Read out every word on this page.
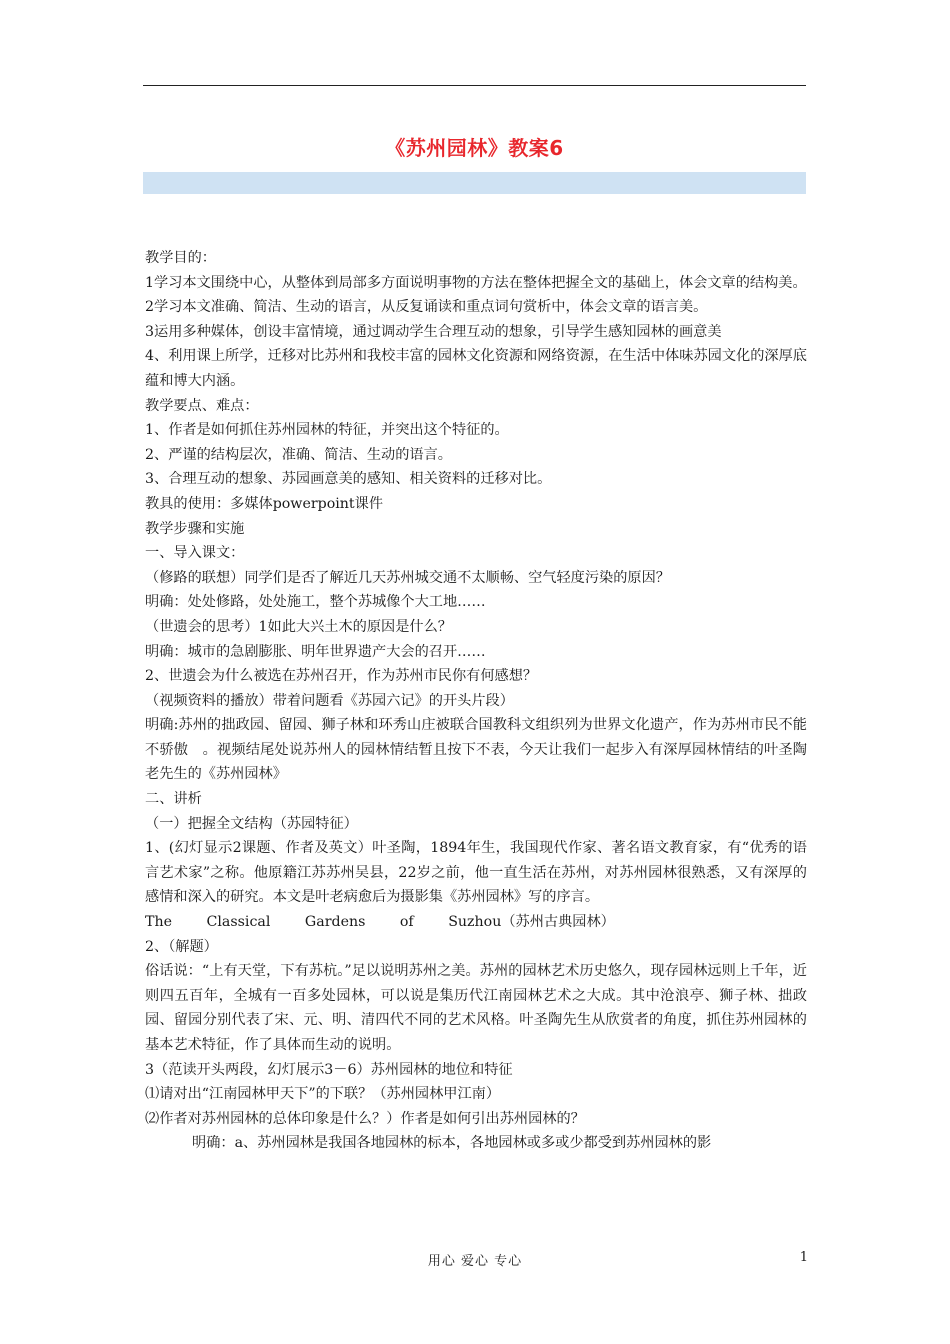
《苏州园林》教案6

教学目的：

1学习本文围绕中心，从整体到局部多方面说明事物的方法在整体把握全文的基础上，体会文章的结构美。

2学习本文准确、简洁、生动的语言，从反复诵读和重点词句赏析中，体会文章的语言美。

3运用多种媒体，创设丰富情境，通过调动学生合理互动的想象，引导学生感知园林的画意美

4、利用课上所学，迁移对比苏州和我校丰富的园林文化资源和网络资源，在生活中体味苏园文化的深厚底蕴和博大内涵。

教学要点、难点：

1、作者是如何抓住苏州园林的特征，并突出这个特征的。

2、严谨的结构层次，准确、简洁、生动的语言。

3、合理互动的想象、苏园画意美的感知、相关资料的迁移对比。

教具的使用：多媒体powerpoint课件

教学步骤和实施

一、导入课文：

（修路的联想）同学们是否了解近几天苏州城交通不太顺畅、空气轻度污染的原因？

明确：处处修路，处处施工，整个苏城像个大工地……

（世遗会的思考）1如此大兴土木的原因是什么？

明确：城市的急剧膨胀、明年世界遗产大会的召开……

2、世遗会为什么被选在苏州召开，作为苏州市民你有何感想？

（视频资料的播放）带着问题看《苏园六记》的开头片段）

明确:苏州的拙政园、留园、狮子林和环秀山庄被联合国教科文组织列为世界文化遗产，作为苏州市民不能不骄傲　。视频结尾处说苏州人的园林情结暂且按下不表，今天让我们一起步入有深厚园林情结的叶圣陶老先生的《苏州园林》

二、讲析

（一）把握全文结构（苏园特征）

1、(幻灯显示2课题、作者及英文）叶圣陶，1894年生，我国现代作家、著名语文教育家，有“优秀的语言艺术家”之称。他原籍江苏苏州吴县，22岁之前，他一直生活在苏州，对苏州园林很熟悉，又有深厚的感情和深入的研究。本文是叶老病愈后为摄影集《苏州园林》写的序言。

The Classical Gardens of Suzhou（苏州古典园林）

2、（解题）

俗话说：“上有天堂，下有苏杭。”足以说明苏州之美。苏州的园林艺术历史悠久，现存园林远则上千年，近则四五百年，全城有一百多处园林，可以说是集历代江南园林艺术之大成。其中沧浪亭、狮子林、拙政园、留园分别代表了宋、元、明、清四代不同的艺术风格。叶圣陶先生从欣赏者的角度，抓住苏州园林的基本艺术特征，作了具体而生动的说明。

3（范读开头两段，幻灯展示3－6）苏州园林的地位和特征

⑴请对出“江南园林甲天下”的下联？（苏州园林甲江南）

⑵作者对苏州园林的总体印象是什么？）作者是如何引出苏州园林的？

明确：a、苏州园林是我国各地园林的标本，各地园林或多或少都受到苏州园林的影

用心 爱心 专心	1
